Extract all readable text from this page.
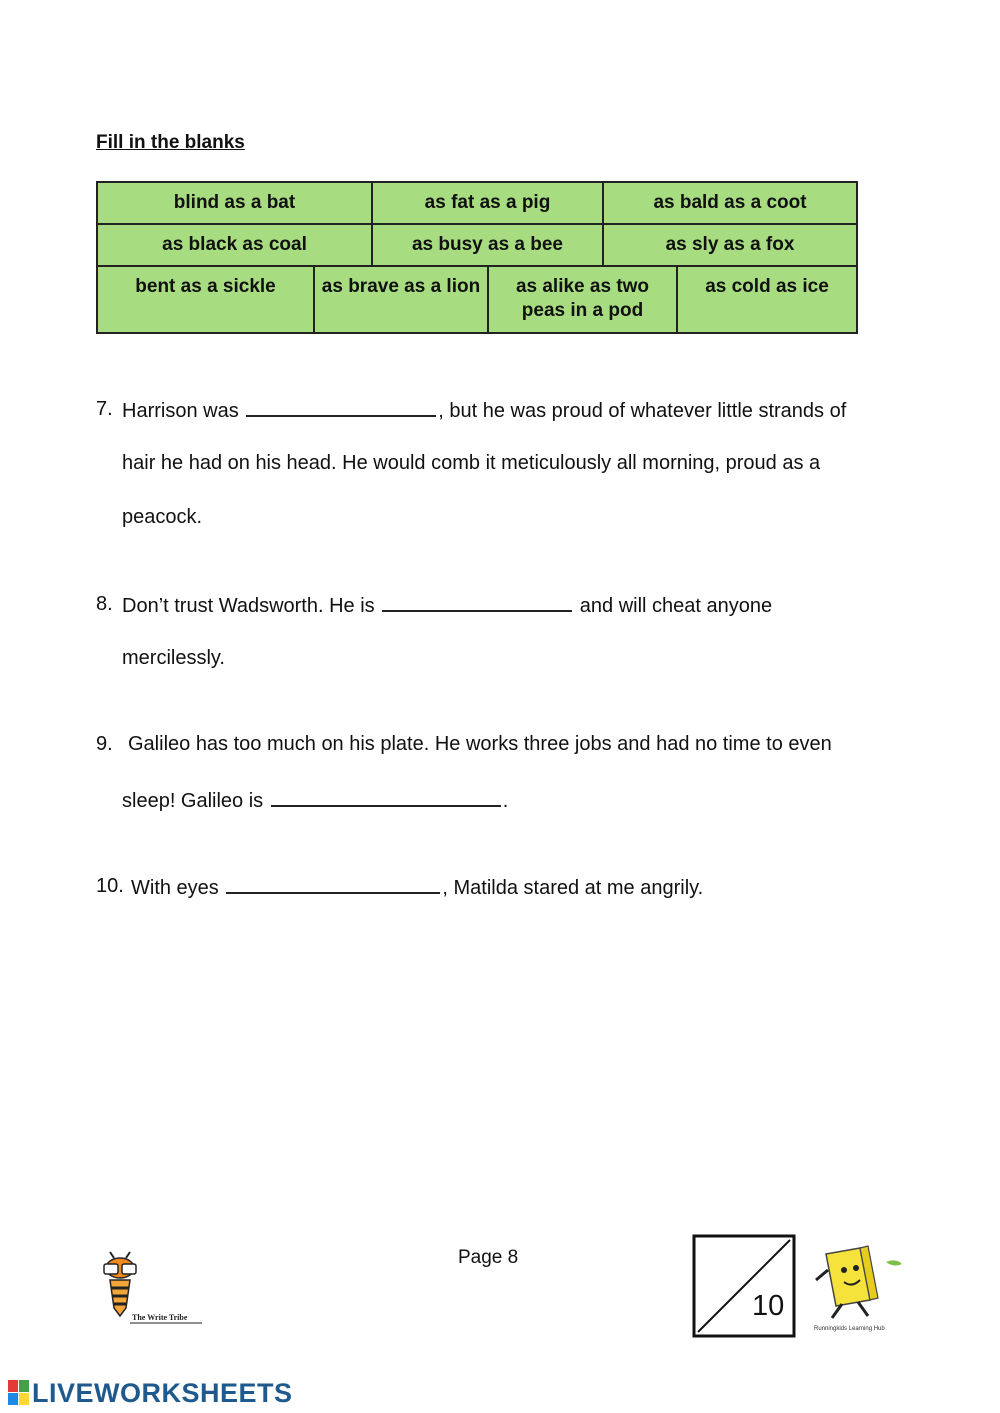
Fill in the blanks
blind as a bat	as fat as a pig	as bald as a coot
as black as coal	as busy as a bee	as sly as a fox
bent as a sickle	as brave as a lion	as alike as two peas in a pod	as cold as ice
7. Harrison was	, but he was proud of whatever little strands of
hair he had on his head. He would comb it meticulously all morning, proud as a
peacock.
8. Don’t trust Wadsworth. He is	and will cheat anyone
mercilessly.
9. Galileo has too much on his plate. He works three jobs and had no time to even
sleep! Galileo is	.
10. With eyes	, Matilda stared at me angrily.
Page 8
The Write Tribe	10
Runningkids Learning Hub
LIVEWORKSHEETS
